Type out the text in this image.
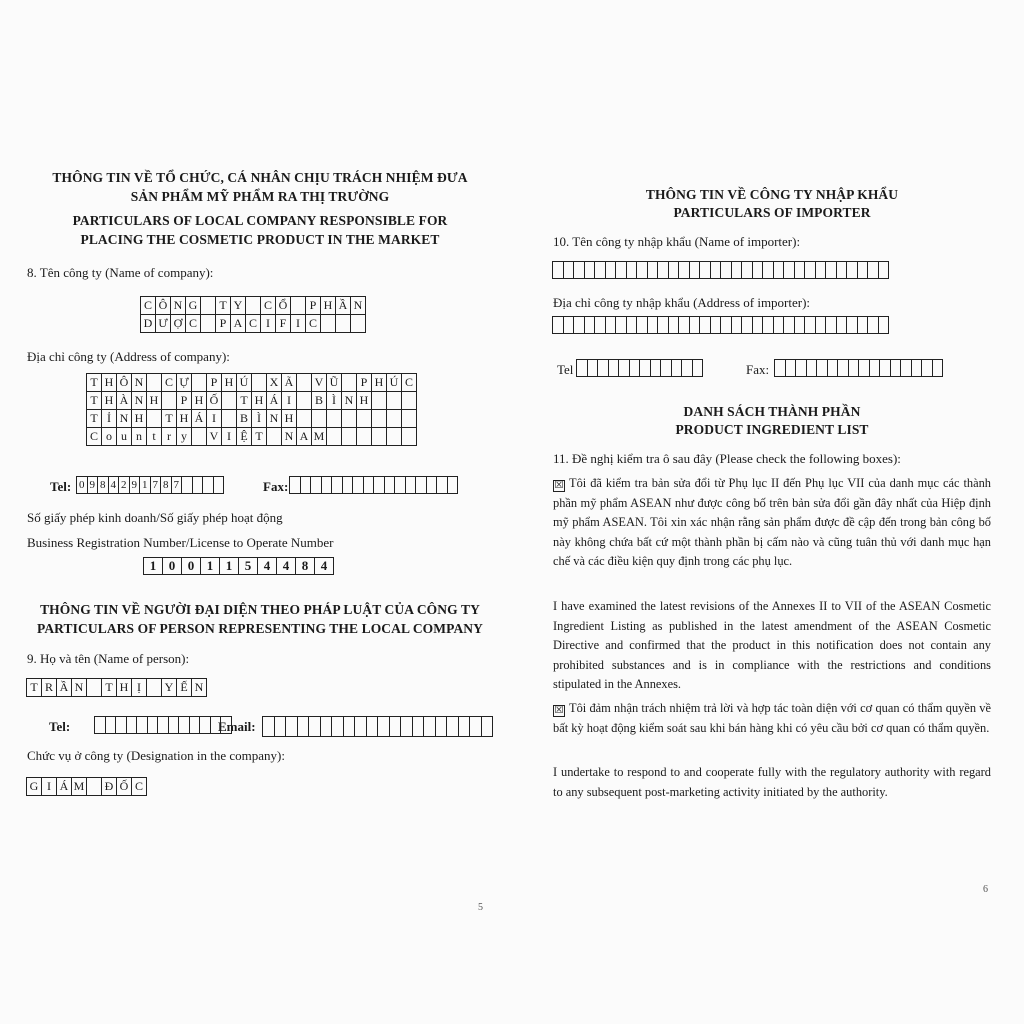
THÔNG TIN VỀ TỔ CHỨC, CÁ NHÂN CHỊU TRÁCH NHIỆM ĐƯA
SẢN PHẨM MỸ PHẨM RA THỊ TRƯỜNG
PARTICULARS OF LOCAL COMPANY RESPONSIBLE FOR
PLACING THE COSMETIC PRODUCT IN THE MARKET
8. Tên công ty (Name of company):
C Ô N G	T Y	C Ổ	P H Ầ N
D Ư Ợ C	P A C I F I C
Địa chỉ công ty (Address of company):
T H Ô N	C Ự	P H Ú	X Ã	V Ũ	P H Ú C
T H À N H	P H Ố	T H Á I	B Ì N H
T Ỉ N H	T H Á I	B Ì N H
C o u n t r y	V I Ệ T	N A M
Tel: 0 9 8 4 2 9 1 7 8 7	Fax:
Số giấy phép kinh doanh/Số giấy phép hoạt động
Business Registration Number/License to Operate Number
1 0 0 1 1 5 4 4 8 4
THÔNG TIN VỀ NGƯỜI ĐẠI DIỆN THEO PHÁP LUẬT CỦA CÔNG TY
PARTICULARS OF PERSON REPRESENTING THE LOCAL COMPANY
9. Họ và tên (Name of person):
T R Ầ N	T H Ị	Y Ế N
Tel:	Email:
Chức vụ ở công ty (Designation in the company):
G I Á M	Đ Ố C
5
THÔNG TIN VỀ CÔNG TY NHẬP KHẨU
PARTICULARS OF IMPORTER
10. Tên công ty nhập khẩu (Name of importer):
Địa chỉ công ty nhập khẩu (Address of importer):
Tel	Fax:
DANH SÁCH THÀNH PHẦN
PRODUCT INGREDIENT LIST
11. Đề nghị kiểm tra ô sau đây (Please check the following boxes):
☒ Tôi đã kiểm tra bản sửa đổi từ Phụ lục II đến Phụ lục VII của danh mục các thành phần mỹ phẩm ASEAN như được công bố trên bản sửa đổi gần đây nhất của Hiệp định mỹ phẩm ASEAN. Tôi xin xác nhận rằng sản phẩm được đề cập đến trong bản công bố này không chứa bất cứ một thành phần bị cấm nào và cũng tuân thủ với danh mục hạn chế và các điều kiện quy định trong các phụ lục.
I have examined the latest revisions of the Annexes II to VII of the ASEAN Cosmetic Ingredient Listing as published in the latest amendment of the ASEAN Cosmetic Directive and confirmed that the product in this notification does not contain any prohibited substances and is in compliance with the restrictions and conditions stipulated in the Annexes.
☒ Tôi đảm nhận trách nhiệm trả lời và hợp tác toàn diện với cơ quan có thẩm quyền về bất kỳ hoạt động kiểm soát sau khi bán hàng khi có yêu cầu bởi cơ quan có thẩm quyền.
I undertake to respond to and cooperate fully with the regulatory authority with regard to any subsequent post-marketing activity initiated by the authority.
6
